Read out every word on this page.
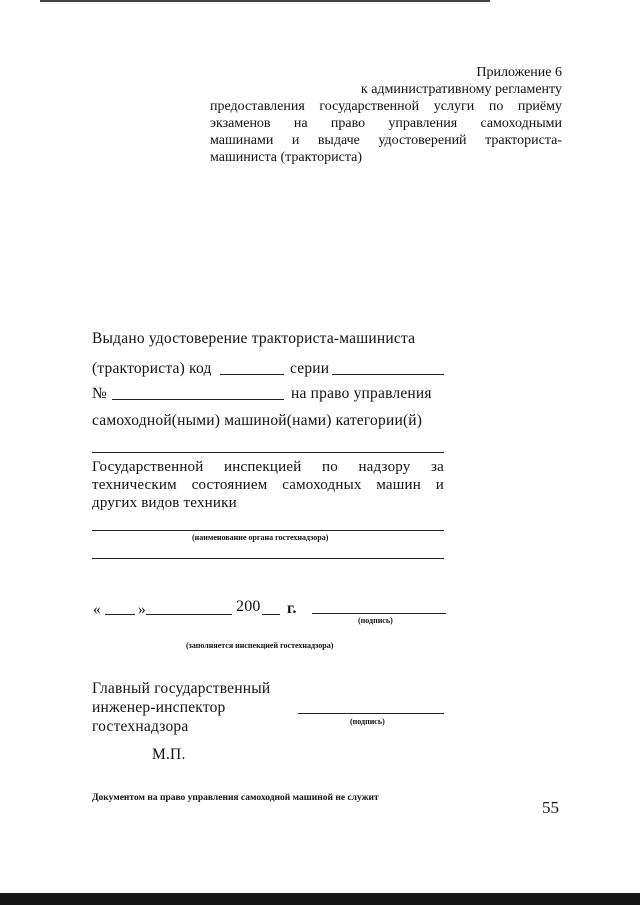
Приложение 6
к административному регламенту
предоставления государственной услуги по приёму
экзаменов на право управления самоходными
машинами и выдаче удостоверений тракториста-
машиниста (тракториста)
Выдано удостоверение тракториста-машиниста
(тракториста) код	серии
№	на право управления
самоходной(ными) машиной(нами) категории(й)
Государственной инспекцией по надзору за техническим состоянием самоходных машин и других видов техники
(наименование органа гостехнадзора)
« »	200 г.
(подпись)
(заполняется инспекцией гостехнадзора)
Главный государственный
инженер-инспектор
гостехнадзора	(подпись)
М.П.
Документом на право управления самоходной машиной не служит	55
